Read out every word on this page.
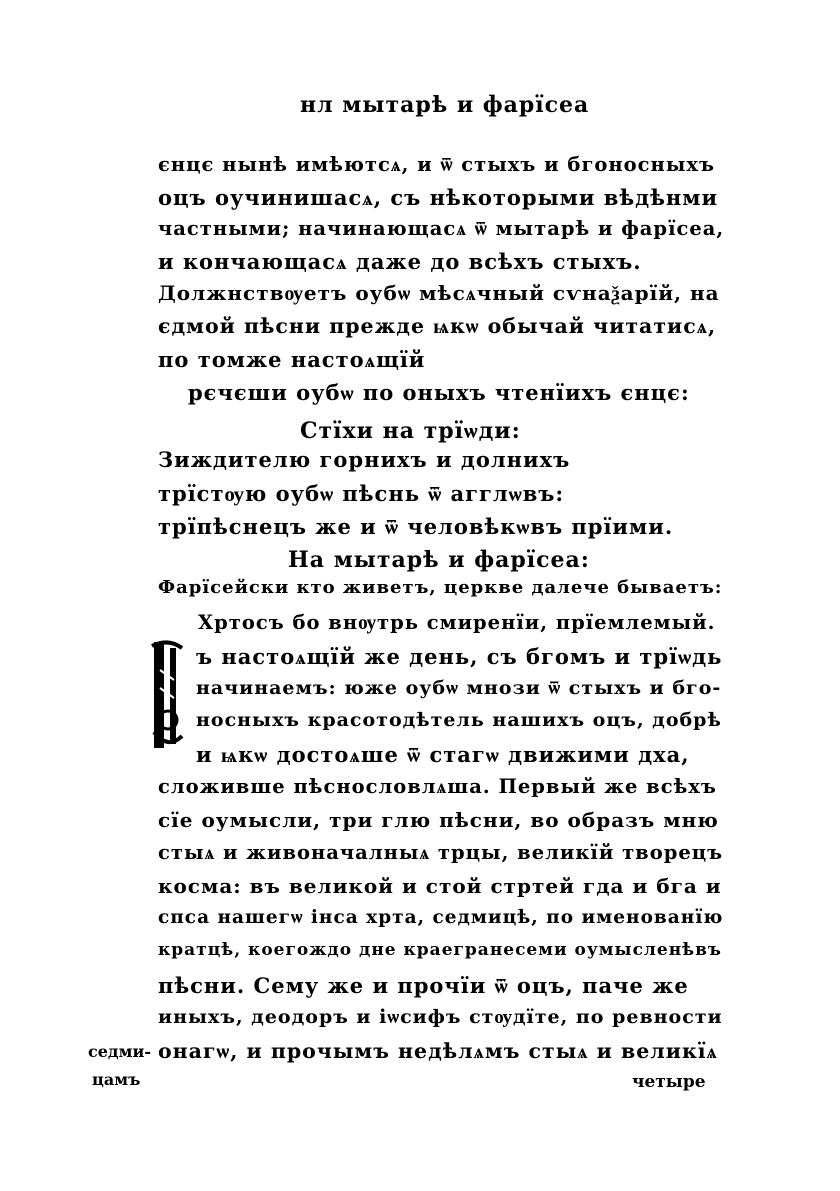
нл мытарѣ и фарїсеа
єнцє нынѣ имѣютсѧ, и ѿ стыхъ и бгоносныхъ
оцъ оучинишасѧ, съ нѣкоторыми вѣдѣнми
частными; начинающасѧ ѿ мытарѣ и фарїсеа,
и кончающасѧ даже до всѣхъ стыхъ.
Должнствѹетъ оубѡ мѣсѧчный сѵнаѯарїй, на
єдмой пѣсни прежде ѩкѡ обычай читатисѧ,
по томже настоѧщїй
рєчєши оубѡ по оныхъ чтенїихъ єнцє:
Стїхи на трїѡди:
Зиждителю горнихъ и долнихъ
трїстѹю оубѡ пѣснь ѿ агглѡвъ:
трїпѣснецъ же и ѿ человѣкѡвъ прїими.
На мытарѣ и фарїсеа:
Фарїсейски кто живетъ, церкве далече бываетъ:
Хртосъ бо внѹтрь смиренїи, прїемлемый.
ъ настоѧщїй же день, съ бгомъ и трїѡдь
начинаемъ: юже оубѡ мнози ѿ стыхъ и бго-
носныхъ красотодѣтель нашихъ оцъ, добрѣ
и ѩкѡ достоѧше ѿ стагѡ движими дха,
сложивше пѣснословлѧша. Первый же всѣхъ
сїе оумысли, три глю пѣсни, во образъ мню
стыѧ и живоначалныѧ трцы, великїй творецъ
косма: въ великой и стой стртей гда и бга и
спса нашегѡ інса хрта, седмицѣ, по именованїю
кратцѣ, коегождо дне краегранесеми оумысленѣвъ
пѣсни. Сему же и прочїи ѿ оцъ, паче же
иныхъ, деодоръ и іѡсифъ стѹдїте, по ревности
онагѡ, и прочымъ недѣлѧмъ стыѧ и великїѧ
седми-
цамъ	четыре
